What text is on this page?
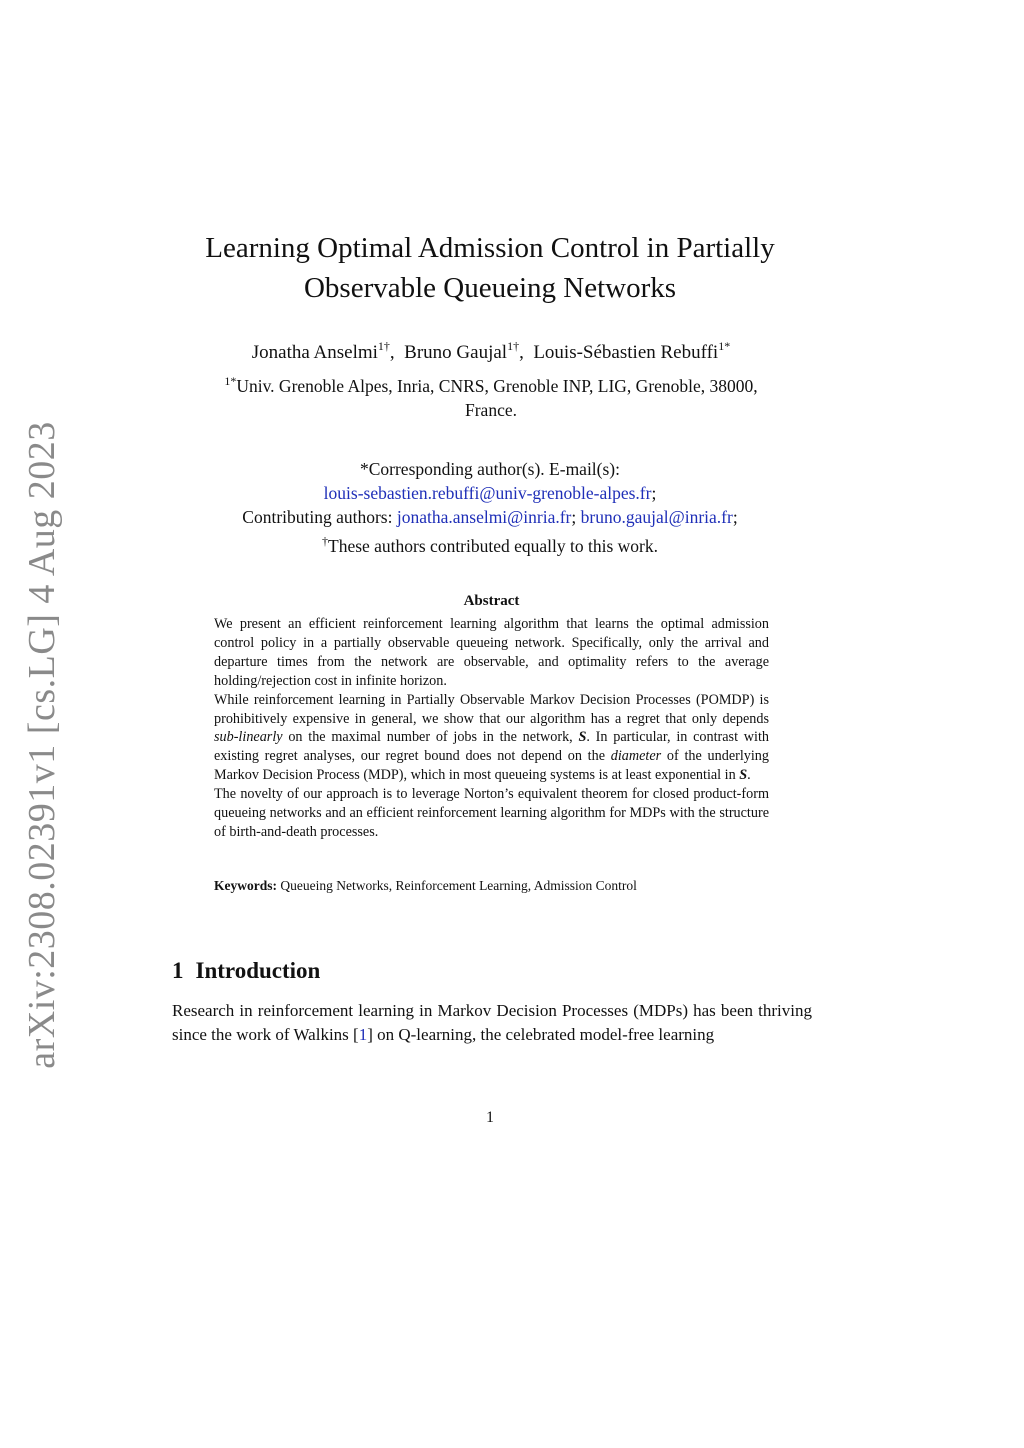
arXiv:2308.02391v1 [cs.LG] 4 Aug 2023
Learning Optimal Admission Control in Partially Observable Queueing Networks
Jonatha Anselmi$^{1\dagger}$,  Bruno Gaujal$^{1\dagger}$,  Louis-Sébastien Rebuffi$^{1*}$
$^{1*}$Univ. Grenoble Alpes, Inria, CNRS, Grenoble INP, LIG, Grenoble, 38000, France.
*Corresponding author(s). E-mail(s):
louis-sebastien.rebuffi@univ-grenoble-alpes.fr;
Contributing authors: jonatha.anselmi@inria.fr; bruno.gaujal@inria.fr;
†These authors contributed equally to this work.
Abstract

We present an efficient reinforcement learning algorithm that learns the optimal admission control policy in a partially observable queueing network. Specifically, only the arrival and departure times from the network are observable, and optimality refers to the average holding/rejection cost in infinite horizon.

While reinforcement learning in Partially Observable Markov Decision Processes (POMDP) is prohibitively expensive in general, we show that our algorithm has a regret that only depends sub-linearly on the maximal number of jobs in the network, S. In particular, in contrast with existing regret analyses, our regret bound does not depend on the diameter of the underlying Markov Decision Process (MDP), which in most queueing systems is at least exponential in S.

The novelty of our approach is to leverage Norton’s equivalent theorem for closed product-form queueing networks and an efficient reinforcement learning algorithm for MDPs with the structure of birth-and-death processes.

Keywords: Queueing Networks, Reinforcement Learning, Admission Control
1 Introduction

Research in reinforcement learning in Markov Decision Processes (MDPs) has been thriving since the work of Walkins [1] on Q-learning, the celebrated model-free learning

1
